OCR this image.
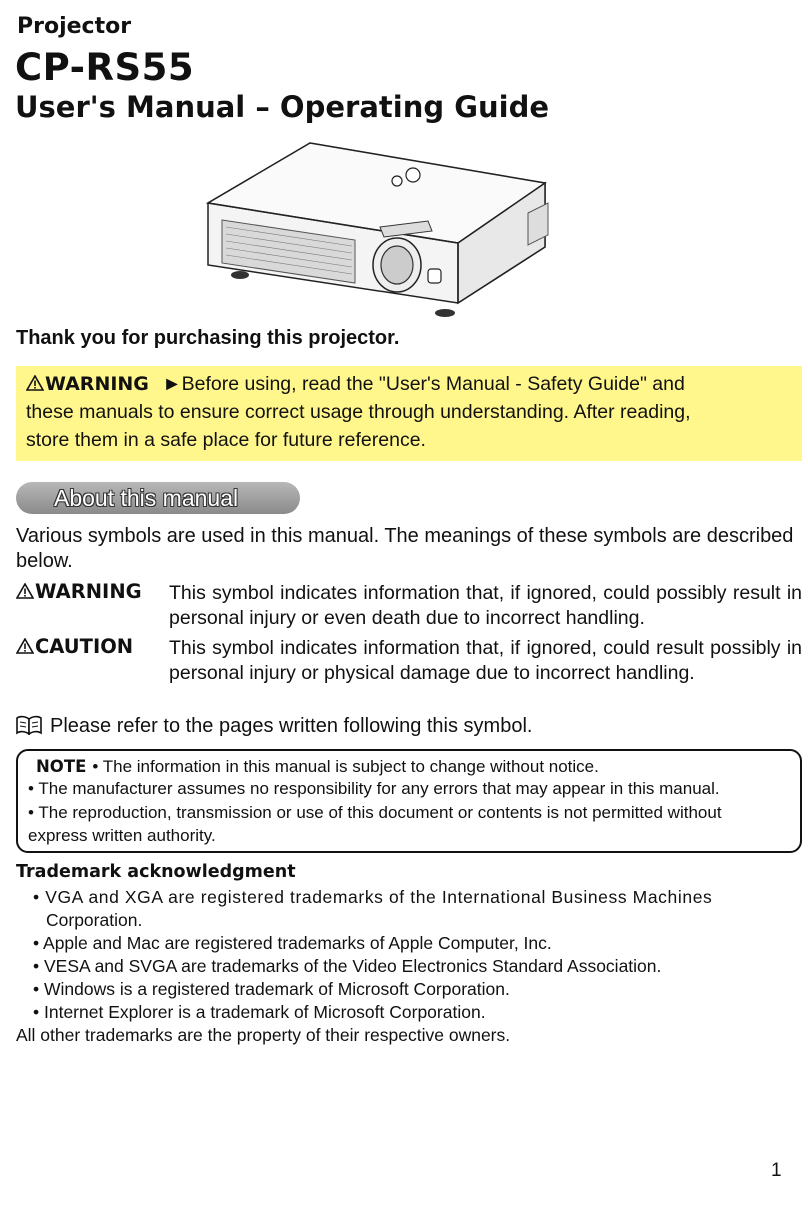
Projector
CP-RS55
User's Manual – Operating Guide
Thank you for purchasing this projector.
WARNING ►Before using, read the "User's Manual - Safety Guide" and
these manuals to ensure correct usage through understanding. After reading,
store them in a safe place for future reference.
About this manual
Various symbols are used in this manual. The meanings of these symbols are described below.
WARNING This symbol indicates information that, if ignored, could possibly result in personal injury or even death due to incorrect handling.
CAUTION This symbol indicates information that, if ignored, could result possibly in personal injury or physical damage due to incorrect handling.
Please refer to the pages written following this symbol.
NOTE • The information in this manual is subject to change without notice.
• The manufacturer assumes no responsibility for any errors that may appear in this manual.
• The reproduction, transmission or use of this document or contents is not permitted without
express written authority.
Trademark acknowledgment
• VGA and XGA are registered trademarks of the International Business Machines
Corporation.
• Apple and Mac are registered trademarks of Apple Computer, Inc.
• VESA and SVGA are trademarks of the Video Electronics Standard Association.
• Windows is a registered trademark of Microsoft Corporation.
• Internet Explorer is a trademark of Microsoft Corporation.
All other trademarks are the property of their respective owners.
1
